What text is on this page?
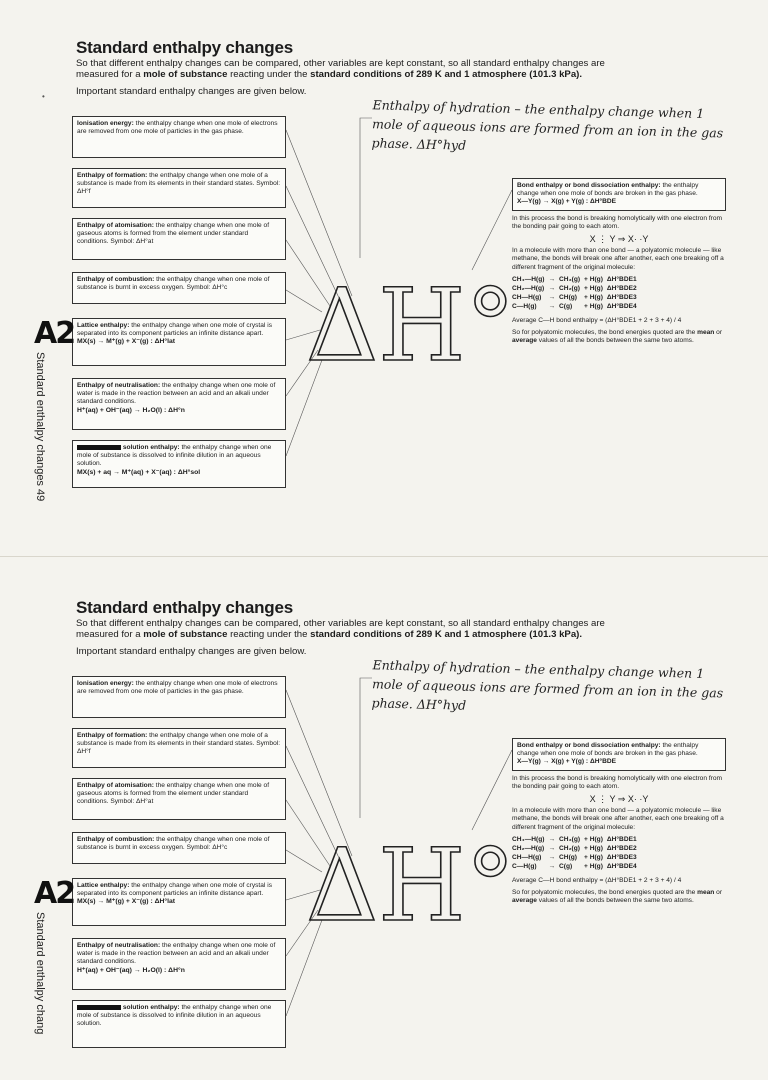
Standard enthalpy changes
So that different enthalpy changes can be compared, other variables are kept constant, so all standard enthalpy changes are measured for a mole of substance reacting under the standard conditions of 289 K and 1 atmosphere (101.3 kPa).
•	Important standard enthalpy changes are given below.
Enthalpy of hydration – the enthalpy change when 1 mole of aqueous ions are formed from an ion in the gas phase. ΔH°hyd
Ionisation energy: the enthalpy change when one mole of electrons are removed from one mole of particles in the gas phase.
Enthalpy of formation: the enthalpy change when one mole of a substance is made from its elements in their standard states. Symbol: ΔH°f
Enthalpy of atomisation: the enthalpy change when one mole of gaseous atoms is formed from the element under standard conditions. Symbol: ΔH°at
Enthalpy of combustion: the enthalpy change when one mole of substance is burnt in excess oxygen. Symbol: ΔH°c
Lattice enthalpy: the enthalpy change when one mole of crystal is separated into its component particles an infinite distance apart.
MX(s) → M⁺(g) + X⁻(g) : ΔH°lat
Enthalpy of neutralisation: the enthalpy change when one mole of water is made in the reaction between an acid and an alkali under standard conditions.
H⁺(aq) + OH⁻(aq) → H₂O(l) : ΔH°n
solution enthalpy: the enthalpy change when one mole of substance is dissolved to infinite dilution in an aqueous solution.
MX(s) + aq → M⁺(aq) + X⁻(aq) : ΔH°sol
ΔH°
A2
Standard enthalpy changes 49
Bond enthalpy or bond dissociation enthalpy: the enthalpy change when one mole of bonds are broken in the gas phase.
X—Y(g) → X(g) + Y(g) : ΔH°BDE

In this process the bond is breaking homolytically with one electron from the bonding pair going to each atom.

X ⋮ Y ⇒ X· ·Y

In a molecule with more than one bond — a polyatomic molecule — like methane, the bonds will break one after another, each one breaking off a different fragment of the original molecule:

CH₄—H(g)	→	CH₃(g)	+ H(g)	ΔH°BDE1
CH₂—H(g)	→	CH₂(g)	+ H(g)	ΔH°BDE2
CH—H(g)	→	CH(g)	+ H(g)	ΔH°BDE3
C—H(g)	→	C(g)	+ H(g)	ΔH°BDE4

Average C—H bond enthalpy = (ΔH°BDE1 + 2 + 3 + 4) / 4

So for polyatomic molecules, the bond energies quoted are the mean or average values of all the bonds between the same two atoms.

Standard enthalpy changes
So that different enthalpy changes can be compared, other variables are kept constant, so all standard enthalpy changes are measured for a mole of substance reacting under the standard conditions of 289 K and 1 atmosphere (101.3 kPa).
Important standard enthalpy changes are given below.
Enthalpy of hydration – the enthalpy change when 1 mole of aqueous ions are formed from an ion in the gas phase. ΔH°hyd
Ionisation energy: the enthalpy change when one mole of electrons are removed from one mole of particles in the gas phase.
Enthalpy of formation: the enthalpy change when one mole of a substance is made from its elements in their standard states. Symbol: ΔH°f
Enthalpy of atomisation: the enthalpy change when one mole of gaseous atoms is formed from the element under standard conditions. Symbol: ΔH°at
Enthalpy of combustion: the enthalpy change when one mole of substance is burnt in excess oxygen. Symbol: ΔH°c
Lattice enthalpy: the enthalpy change when one mole of crystal is separated into its component particles an infinite distance apart.
MX(s) → M⁺(g) + X⁻(g) : ΔH°lat
Enthalpy of neutralisation: the enthalpy change when one mole of water is made in the reaction between an acid and an alkali under standard conditions.
H⁺(aq) + OH⁻(aq) → H₂O(l) : ΔH°n
solution enthalpy: the enthalpy change when one mole of substance is dissolved to infinite dilution in an aqueous solution.
ΔH°
A2
Standard enthalpy chang
Bond enthalpy or bond dissociation enthalpy: the enthalpy change when one mole of bonds are broken in the gas phase.
X—Y(g) → X(g) + Y(g) : ΔH°BDE

In this process the bond is breaking homolytically with one electron from the bonding pair going to each atom.

X ⋮ Y ⇒ X· ·Y

In a molecule with more than one bond — a polyatomic molecule — like methane, the bonds will break one after another, each one breaking off a different fragment of the original molecule:

CH₄—H(g)	→	CH₃(g)	+ H(g)	ΔH°BDE1
CH₂—H(g)	→	CH₂(g)	+ H(g)	ΔH°BDE2
CH—H(g)	→	CH(g)	+ H(g)	ΔH°BDE3
C—H(g)	→	C(g)	+ H(g)	ΔH°BDE4

Average C—H bond enthalpy = (ΔH°BDE1 + 2 + 3 + 4) / 4

So for polyatomic molecules, the bond energies quoted are the mean or average values of all the bonds between the same two atoms.
